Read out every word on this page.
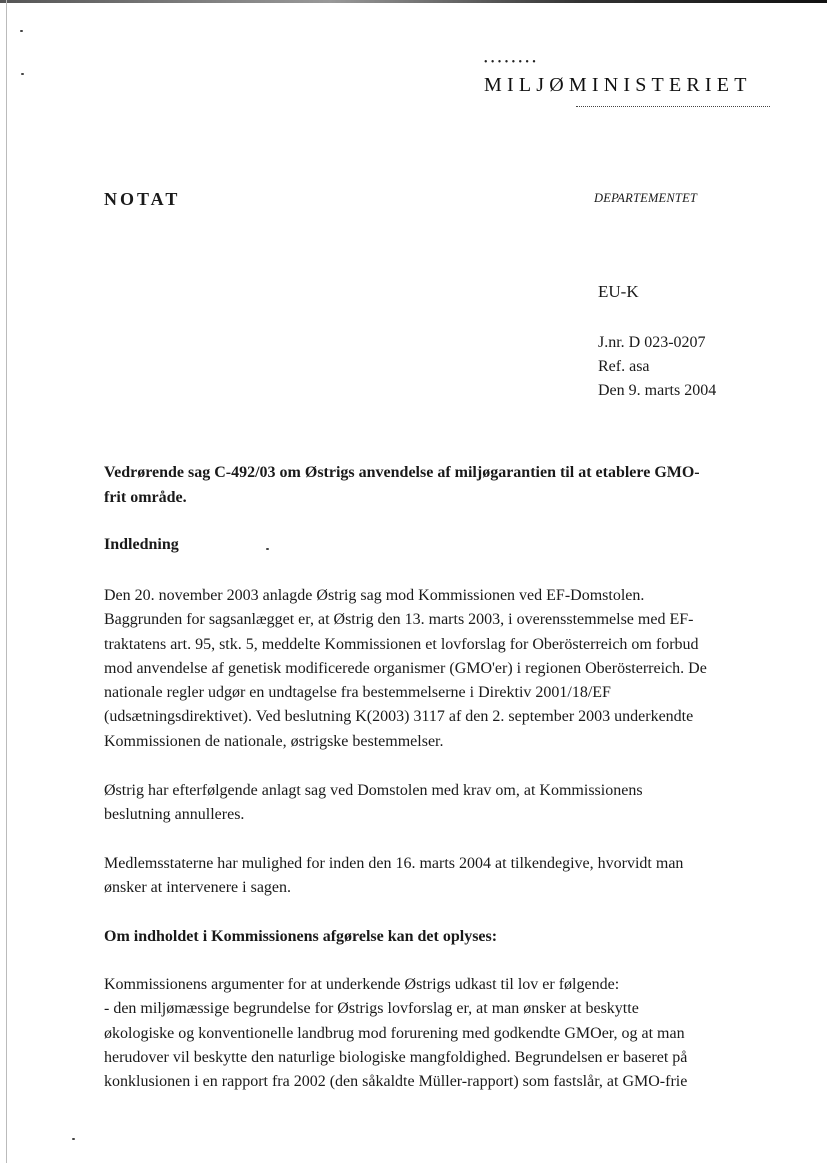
••••••••
MILJØMINISTERIET
NOTAT	DEPARTEMENTET
EU-K
J.nr. D 023-0207
Ref. asa
Den 9. marts 2004
Vedrørende sag C-492/03 om Østrigs anvendelse af miljøgarantien til at etablere GMO-
frit område.
Indledning
Den 20. november 2003 anlagde Østrig sag mod Kommissionen ved EF-Domstolen.
Baggrunden for sagsanlægget er, at Østrig den 13. marts 2003, i overensstemmelse med EF-
traktatens art. 95, stk. 5, meddelte Kommissionen et lovforslag for Oberösterreich om forbud
mod anvendelse af genetisk modificerede organismer (GMO'er) i regionen Oberösterreich. De
nationale regler udgør en undtagelse fra bestemmelserne i Direktiv 2001/18/EF
(udsætningsdirektivet). Ved beslutning K(2003) 3117 af den 2. september 2003 underkendte
Kommissionen de nationale, østrigske bestemmelser.
Østrig har efterfølgende anlagt sag ved Domstolen med krav om, at Kommissionens
beslutning annulleres.
Medlemsstaterne har mulighed for inden den 16. marts 2004 at tilkendegive, hvorvidt man
ønsker at intervenere i sagen.
Om indholdet i Kommissionens afgørelse kan det oplyses:
Kommissionens argumenter for at underkende Østrigs udkast til lov er følgende:
- den miljømæssige begrundelse for Østrigs lovforslag er, at man ønsker at beskytte
økologiske og konventionelle landbrug mod forurening med godkendte GMOer, og at man
herudover vil beskytte den naturlige biologiske mangfoldighed. Begrundelsen er baseret på
konklusionen i en rapport fra 2002 (den såkaldte Müller-rapport) som fastslår, at GMO-frie
